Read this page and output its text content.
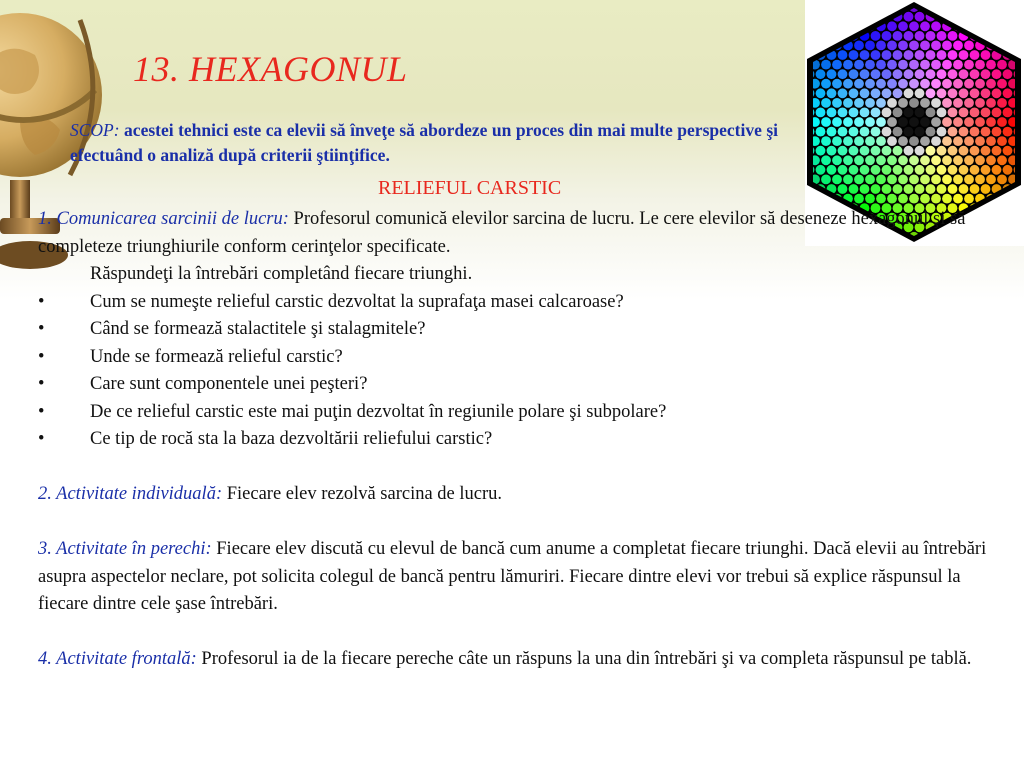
13. HEXAGONUL
SCOP: acestei tehnici este ca elevii să înveţe să abordeze un proces din mai multe perspective şi efectuând o analiză după criterii ştiinţifice.
RELIEFUL CARSTIC

1. Comunicarea sarcinii de lucru: Profesorul comunică elevilor sarcina de lucru. Le cere elevilor să deseneze hexagonul şi să completeze triunghiurile conform cerinţelor specificate.

Răspundeţi la întrebări completând fiecare triunghi.

•	Cum se numeşte relieful carstic dezvoltat la suprafaţa masei calcaroase?
•	Când se formează stalactitele şi stalagmitele?
•	Unde se formează relieful carstic?
•	Care sunt componentele unei peşteri?
•	De ce relieful carstic este mai puţin dezvoltat în regiunile polare şi subpolare?
•	Ce tip de rocă sta la baza dezvoltării reliefului carstic?

2. Activitate individuală: Fiecare elev rezolvă sarcina de lucru.

3. Activitate în perechi: Fiecare elev discută cu elevul de bancă cum anume a completat fiecare triunghi. Dacă elevii au întrebări asupra aspectelor neclare, pot solicita colegul de bancă pentru lămuriri. Fiecare dintre elevi vor trebui să explice răspunsul la fiecare dintre cele şase întrebări.

4. Activitate frontală: Profesorul ia de la fiecare pereche câte un răspuns la una din întrebări şi va completa răspunsul pe tablă.
